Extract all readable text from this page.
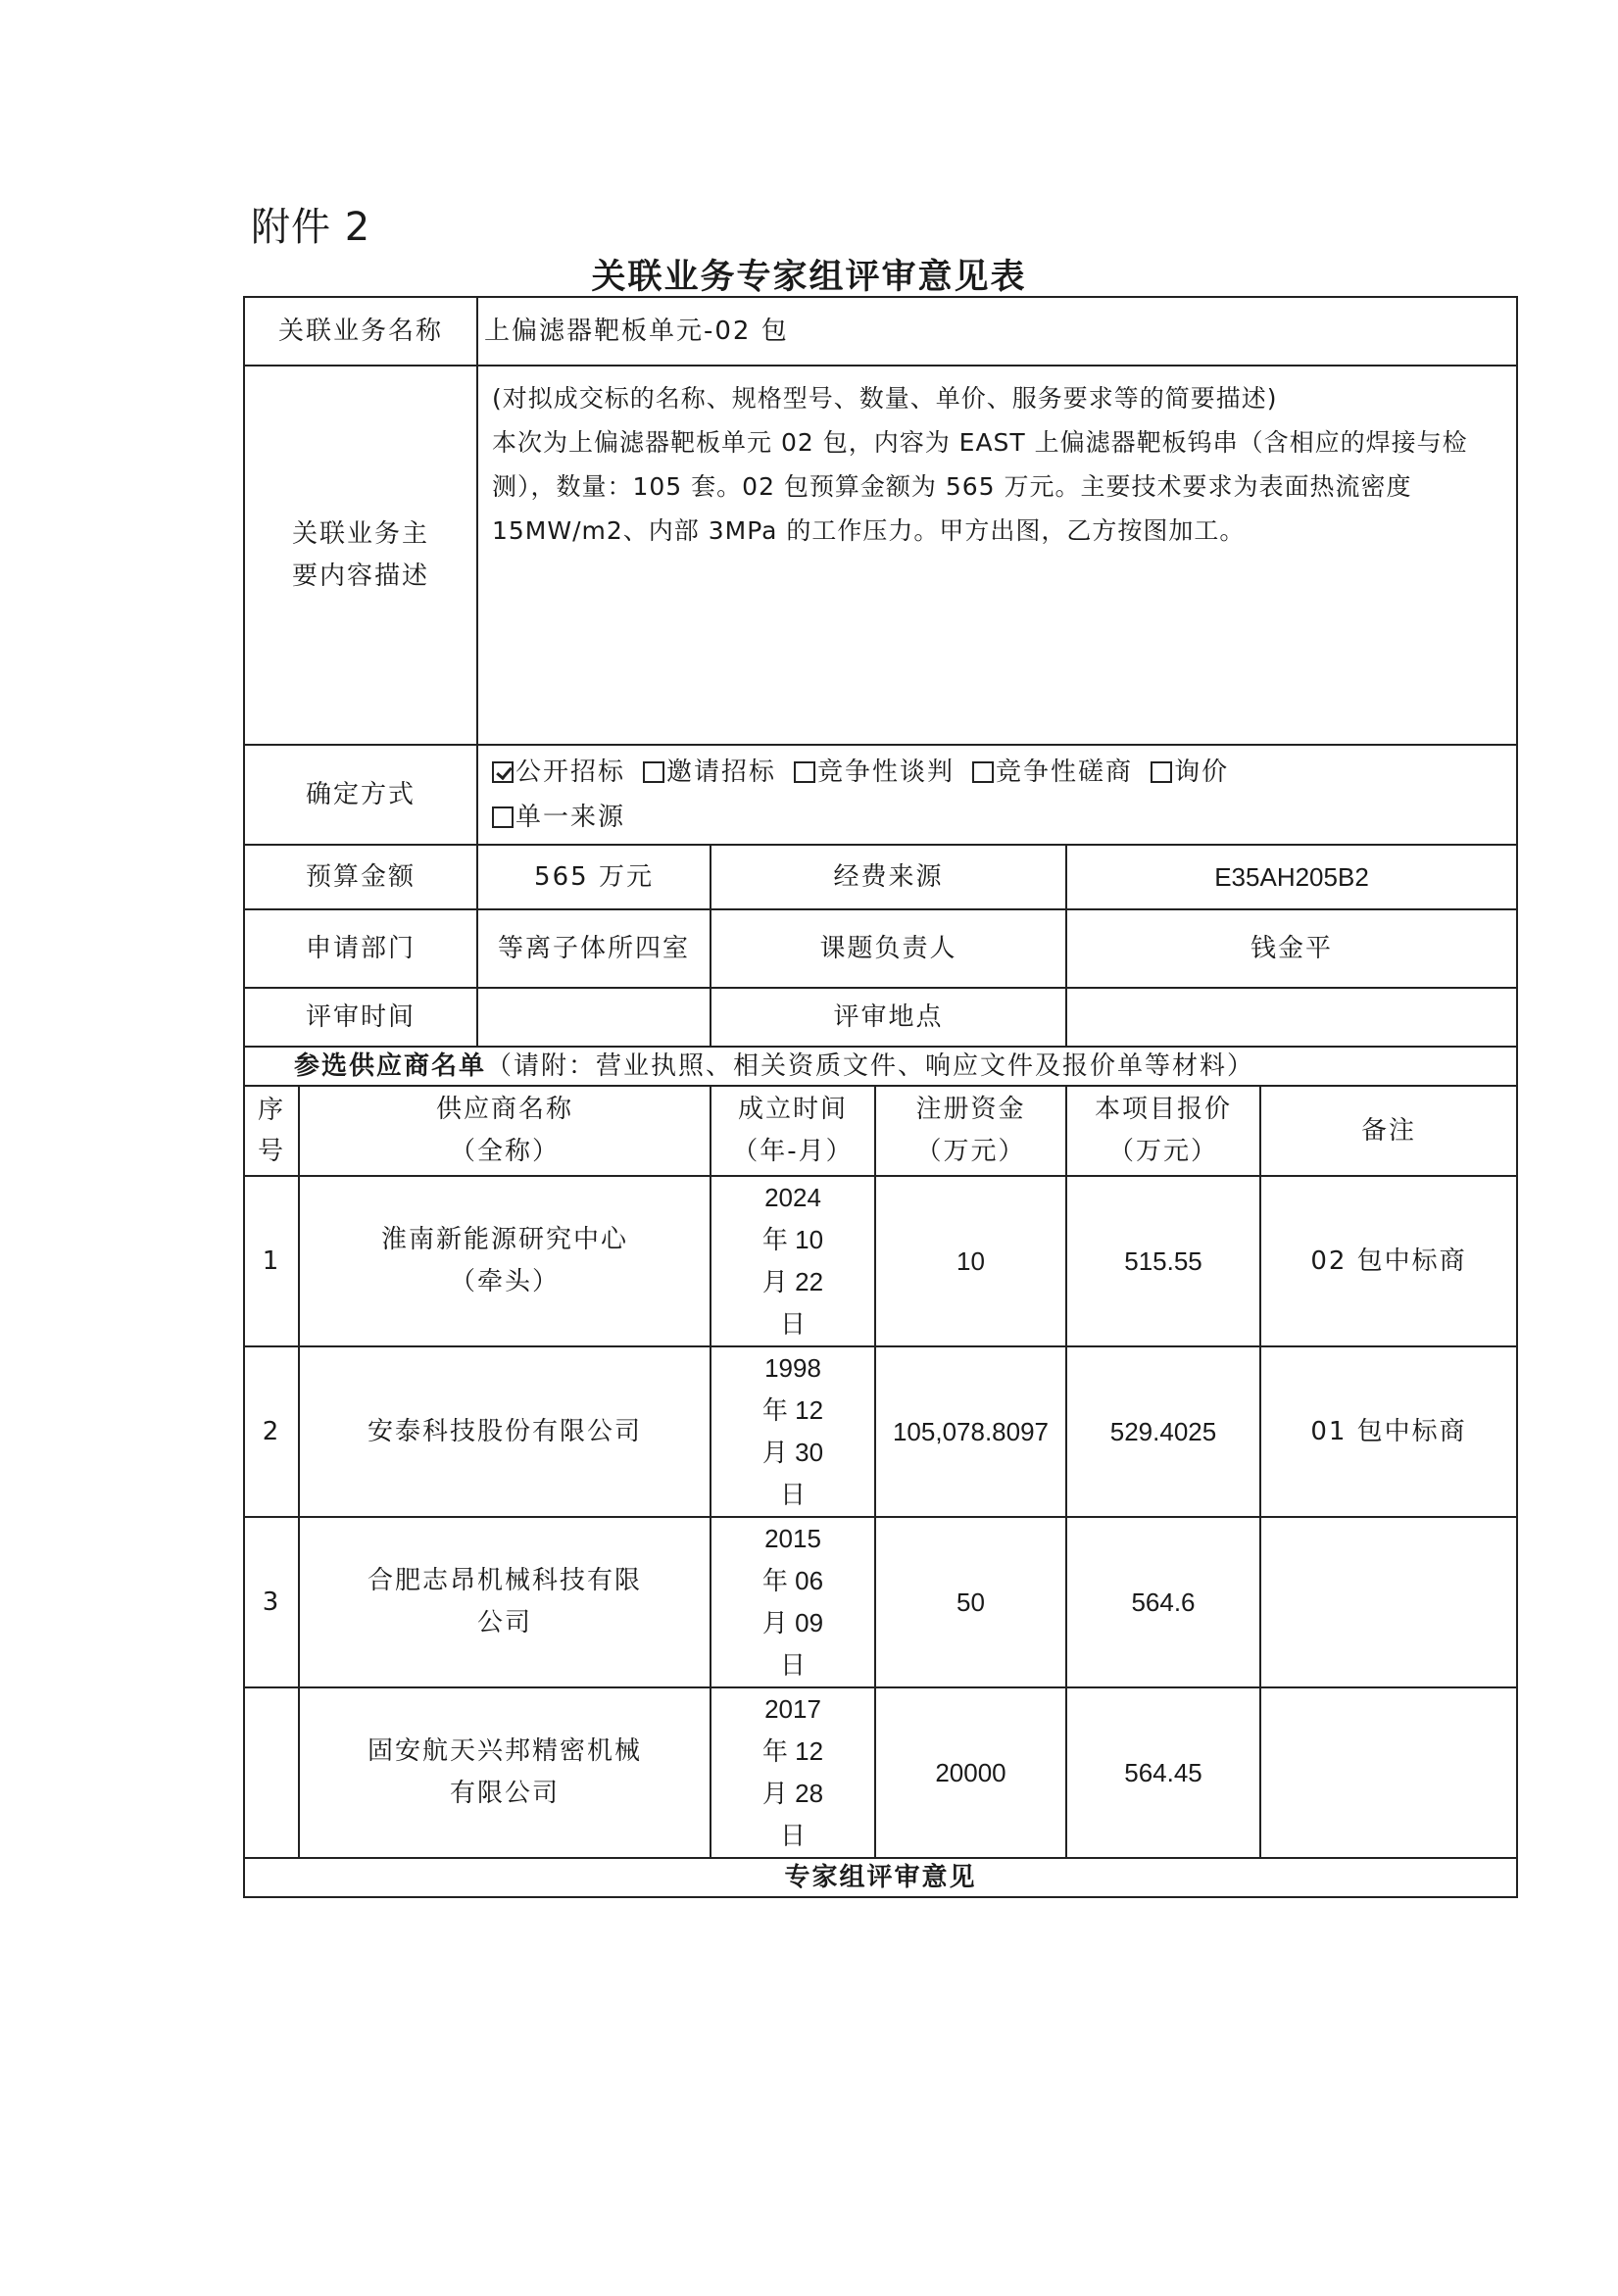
附件 2
关联业务专家组评审意见表
关联业务名称		上偏滤器靶板单元-02 包				
关联业务主要内容描述		(对拟成交标的名称、规格型号、数量、单价、服务要求等的简要描述)
本次为上偏滤器靶板单元 02 包，内容为 EAST 上偏滤器靶板钨串（含相应的焊接与检测），数量：105 套。02 包预算金额为 565 万元。主要技术要求为表面热流密度 15MW/m2、内部 3MPa 的工作压力。甲方出图，乙方按图加工。				

确定方式		公开招标 邀请招标 竞争性谈判 竞争性磋商 询价
单一来源				
预算金额		565 万元	经费来源		E35AH205B2	
申请部门		等离子体所四室	课题负责人		钱金平	
评审时间			评审地点			
参选供应商名单（请附：营业执照、相关资质文件、响应文件及报价单等材料）						

序号	供应商名称（全称）		成立时间（年-月）	注册资金（万元）	本项目报价（万元）	备注
1	淮南新能源研究中心（牵头）		2024 年 10 月 22 日	10	515.55	02 包中标商
2	安泰科技股份有限公司		1998 年 12 月 30 日	105,078.8097	529.4025	01 包中标商
3	合肥志昂机械科技有限公司		2015 年 06 月 09 日	50	564.6	
	固安航天兴邦精密机械有限公司		2017 年 12 月 28 日	20000	564.45	
专家组评审意见						
